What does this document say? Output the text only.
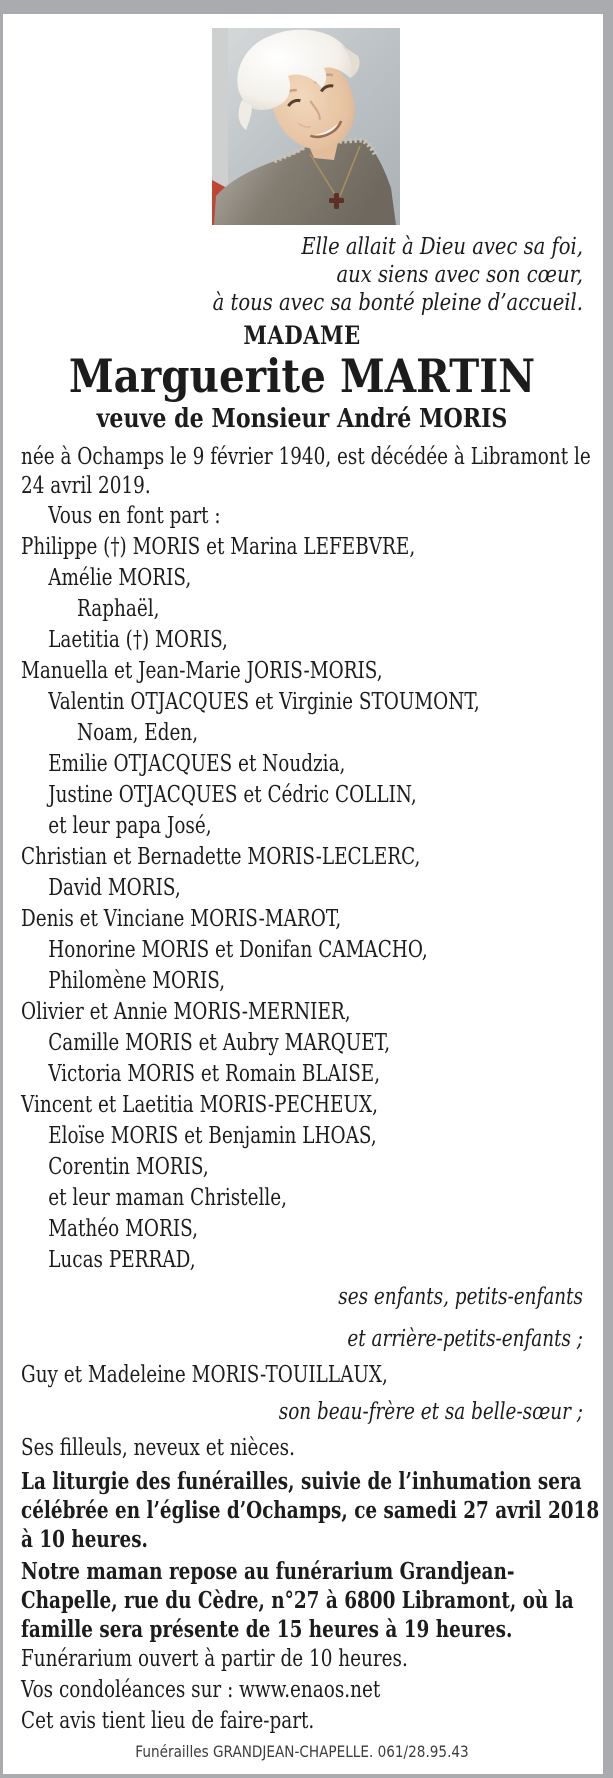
Elle allait à Dieu avec sa foi,
aux siens avec son cœur,
à tous avec sa bonté pleine d’accueil.
MADAME
Marguerite MARTIN
veuve de Monsieur André MORIS
née à Ochamps le 9 février 1940, est décédée à Libramont le
24 avril 2019.
Vous en font part :
Philippe (†) MORIS et Marina LEFEBVRE,
Amélie MORIS,
Raphaël,
Laetitia (†) MORIS,
Manuella et Jean-Marie JORIS-MORIS,
Valentin OTJACQUES et Virginie STOUMONT,
Noam, Eden,
Emilie OTJACQUES et Noudzia,
Justine OTJACQUES et Cédric COLLIN,
et leur papa José,
Christian et Bernadette MORIS-LECLERC,
David MORIS,
Denis et Vinciane MORIS-MAROT,
Honorine MORIS et Donifan CAMACHO,
Philomène MORIS,
Olivier et Annie MORIS-MERNIER,
Camille MORIS et Aubry MARQUET,
Victoria MORIS et Romain BLAISE,
Vincent et Laetitia MORIS-PECHEUX,
Eloïse MORIS et Benjamin LHOAS,
Corentin MORIS,
et leur maman Christelle,
Mathéo MORIS,
Lucas PERRAD,
ses enfants, petits-enfants
et arrière-petits-enfants ;
Guy et Madeleine MORIS-TOUILLAUX,
son beau-frère et sa belle-sœur ;
Ses filleuls, neveux et nièces.
La liturgie des funérailles, suivie de l’inhumation sera
célébrée en l’église d’Ochamps, ce samedi 27 avril 2018
à 10 heures.
Notre maman repose au funérarium Grandjean-
Chapelle, rue du Cèdre, n°27 à 6800 Libramont, où la
famille sera présente de 15 heures à 19 heures.
Funérarium ouvert à partir de 10 heures.
Vos condoléances sur : www.enaos.net
Cet avis tient lieu de faire-part.
Funérailles GRANDJEAN-CHAPELLE. 061/28.95.43
